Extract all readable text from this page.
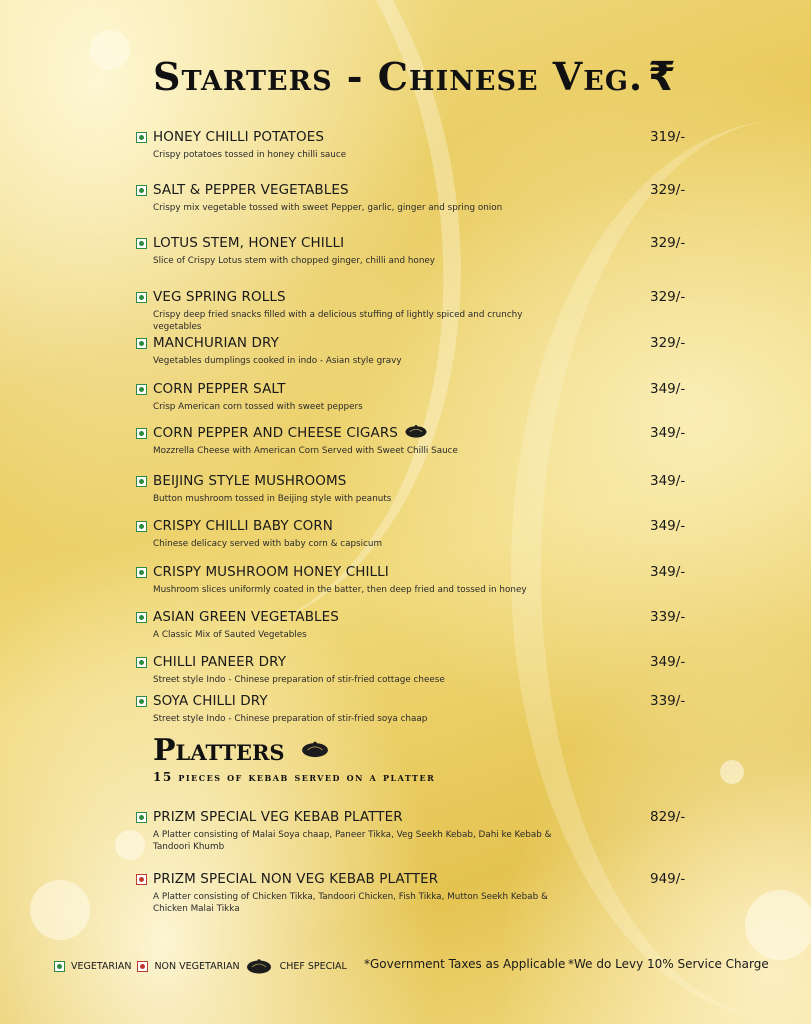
Starters - Chinese Veg. ₹
HONEY CHILLI POTATOES
Crispy potatoes tossed in honey chilli sauce
319/-
SALT & PEPPER VEGETABLES
Crispy mix vegetable tossed with sweet Pepper, garlic, ginger and spring onion
329/-
LOTUS STEM, HONEY CHILLI
Slice of Crispy Lotus stem with chopped ginger, chilli and honey
329/-
VEG SPRING ROLLS
Crispy deep fried snacks filled with a delicious stuffing of lightly spiced and crunchy vegetables
329/-
MANCHURIAN DRY
Vegetables dumplings cooked in indo - Asian style gravy
329/-
CORN PEPPER SALT
Crisp American corn tossed with sweet peppers
349/-
CORN PEPPER AND CHEESE CIGARS
Mozzrella Cheese with American Corn Served with Sweet Chilli Sauce
349/-
BEIJING STYLE MUSHROOMS
Button mushroom tossed in Beijing style with peanuts
349/-
CRISPY CHILLI BABY CORN
Chinese delicacy served with baby corn & capsicum
349/-
CRISPY MUSHROOM HONEY CHILLI
Mushroom slices uniformly coated in the batter, then deep fried and tossed in honey
349/-
ASIAN GREEN VEGETABLES
A Classic Mix of Sauted Vegetables
339/-
CHILLI PANEER DRY
Street style Indo - Chinese preparation of stir-fried cottage cheese
349/-
SOYA CHILLI DRY
Street style Indo - Chinese preparation of stir-fried soya chaap
339/-
Platters
15 pieces of kebab served on a platter
PRIZM SPECIAL VEG KEBAB PLATTER
A Platter consisting of Malai Soya chaap, Paneer Tikka, Veg Seekh Kebab, Dahi ke Kebab & Tandoori Khumb
829/-
PRIZM SPECIAL NON VEG KEBAB PLATTER
A Platter consisting of Chicken Tikka, Tandoori Chicken, Fish Tikka, Mutton Seekh Kebab & Chicken Malai Tikka
949/-
VEGETARIAN NON VEGETARIAN	CHEF SPECIAL *Government Taxes as Applicable *We do Levy 10% Service Charge
